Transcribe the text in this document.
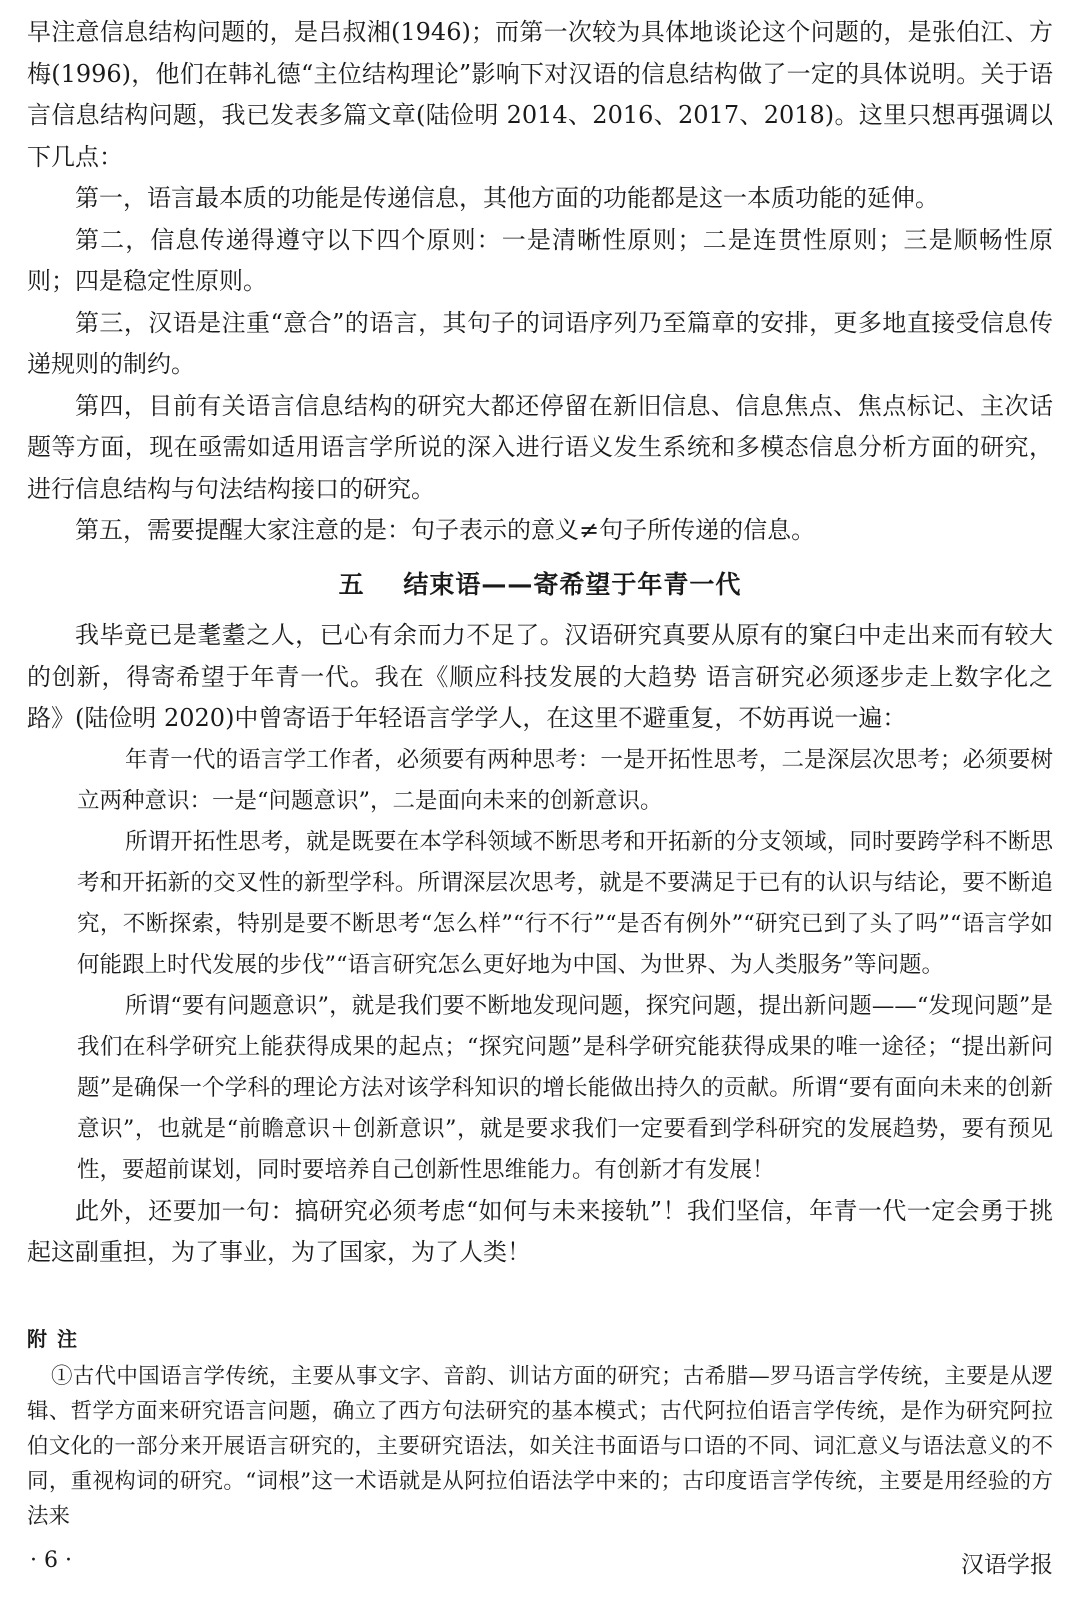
早注意信息结构问题的，是吕叔湘(1946)；而第一次较为具体地谈论这个问题的，是张伯江、方梅(1996)，他们在韩礼德“主位结构理论”影响下对汉语的信息结构做了一定的具体说明。关于语言信息结构问题，我已发表多篇文章(陆俭明 2014、2016、2017、2018)。这里只想再强调以下几点：

第一，语言最本质的功能是传递信息，其他方面的功能都是这一本质功能的延伸。

第二，信息传递得遵守以下四个原则：一是清晰性原则；二是连贯性原则；三是顺畅性原则；四是稳定性原则。

第三，汉语是注重“意合”的语言，其句子的词语序列乃至篇章的安排，更多地直接受信息传递规则的制约。

第四，目前有关语言信息结构的研究大都还停留在新旧信息、信息焦点、焦点标记、主次话题等方面，现在亟需如适用语言学所说的深入进行语义发生系统和多模态信息分析方面的研究，进行信息结构与句法结构接口的研究。

第五，需要提醒大家注意的是：句子表示的意义≠句子所传递的信息。

五 结束语——寄希望于年青一代

我毕竟已是耄耋之人，已心有余而力不足了。汉语研究真要从原有的窠臼中走出来而有较大的创新，得寄希望于年青一代。我在《顺应科技发展的大趋势 语言研究必须逐步走上数字化之路》(陆俭明 2020)中曾寄语于年轻语言学学人，在这里不避重复，不妨再说一遍：

年青一代的语言学工作者，必须要有两种思考：一是开拓性思考，二是深层次思考；必须要树立两种意识：一是“问题意识”，二是面向未来的创新意识。

所谓开拓性思考，就是既要在本学科领域不断思考和开拓新的分支领域，同时要跨学科不断思考和开拓新的交叉性的新型学科。所谓深层次思考，就是不要满足于已有的认识与结论，要不断追究，不断探索，特别是要不断思考“怎么样”“行不行”“是否有例外”“研究已到了头了吗”“语言学如何能跟上时代发展的步伐”“语言研究怎么更好地为中国、为世界、为人类服务”等问题。

所谓“要有问题意识”，就是我们要不断地发现问题，探究问题，提出新问题——“发现问题”是我们在科学研究上能获得成果的起点；“探究问题”是科学研究能获得成果的唯一途径；“提出新问题”是确保一个学科的理论方法对该学科知识的增长能做出持久的贡献。所谓“要有面向未来的创新意识”，也就是“前瞻意识＋创新意识”，就是要求我们一定要看到学科研究的发展趋势，要有预见性，要超前谋划，同时要培养自己创新性思维能力。有创新才有发展！

此外，还要加一句：搞研究必须考虑“如何与未来接轨”！我们坚信，年青一代一定会勇于挑起这副重担，为了事业，为了国家，为了人类！

附注

①古代中国语言学传统，主要从事文字、音韵、训诂方面的研究；古希腊—罗马语言学传统，主要是从逻辑、哲学方面来研究语言问题，确立了西方句法研究的基本模式；古代阿拉伯语言学传统，是作为研究阿拉伯文化的一部分来开展语言研究的，主要研究语法，如关注书面语与口语的不同、词汇意义与语法意义的不同，重视构词的研究。“词根”这一术语就是从阿拉伯语法学中来的；古印度语言学传统，主要是用经验的方法来

· 6 ·	汉语学报
